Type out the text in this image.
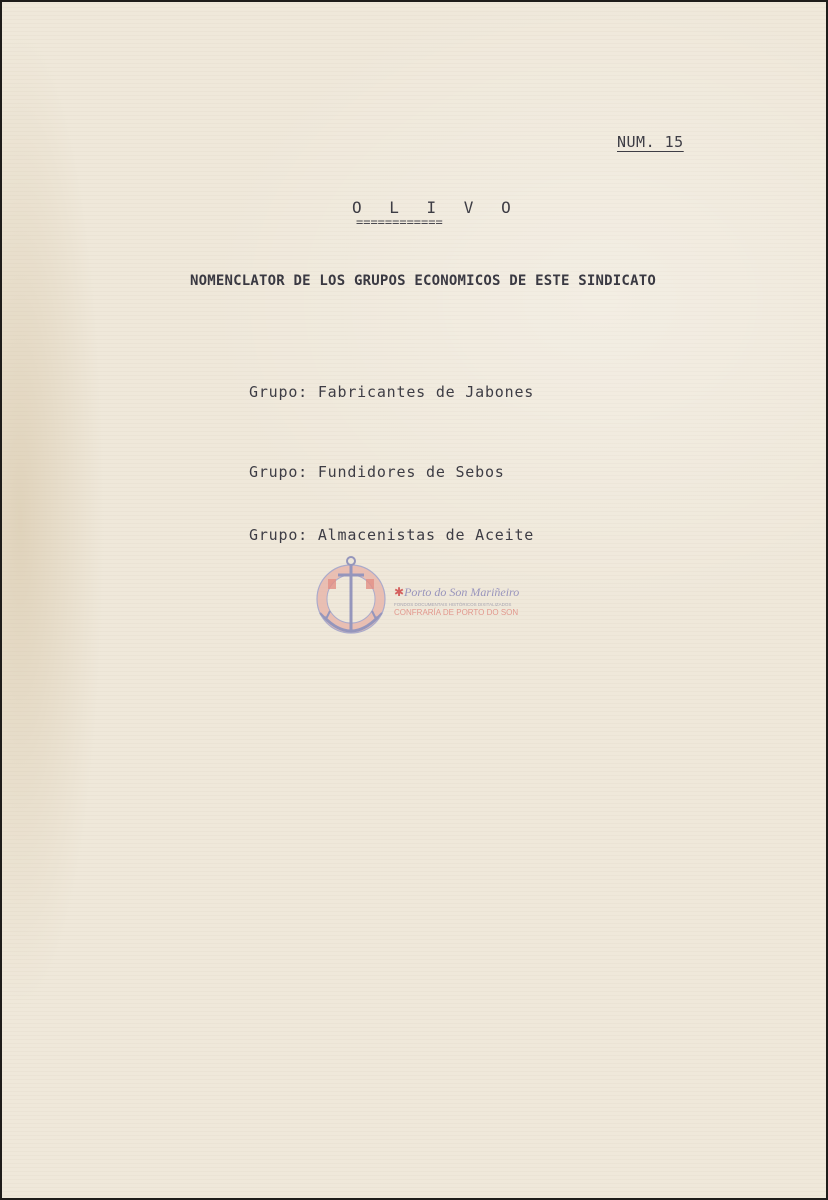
NUM. 15
O L I V O
============
NOMENCLATOR DE LOS GRUPOS ECONOMICOS DE ESTE SINDICATO
Grupo: Fabricantes de Jabones
Grupo: Fundidores de Sebos
Grupo: Almacenistas de Aceite
✱Porto do Son Mariñeiro
FONDOS DOCUMENTAIS HISTÓRICOS DIXITALIZADOS
CONFRARÍA DE PORTO DO SON
